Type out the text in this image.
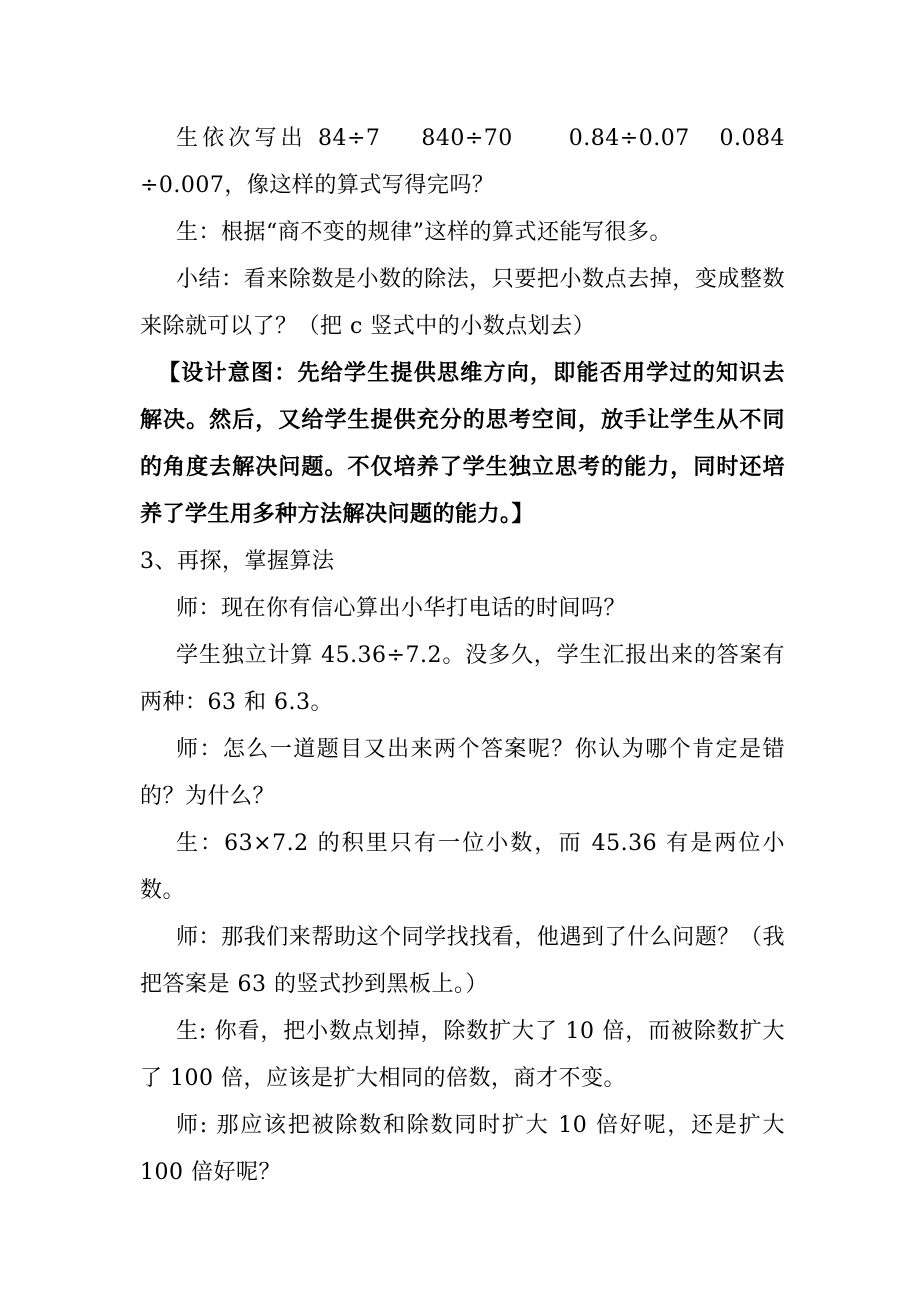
生依次写出 84÷7　 840÷70　　0.84÷0.07　0.084 ÷0.007，像这样的算式写得完吗？

生：根据“商不变的规律”这样的算式还能写很多。

小结：看来除数是小数的除法，只要把小数点去掉，变成整数来除就可以了？（把 c 竖式中的小数点划去）

【设计意图：先给学生提供思维方向，即能否用学过的知识去解决。然后，又给学生提供充分的思考空间，放手让学生从不同的角度去解决问题。不仅培养了学生独立思考的能力，同时还培养了学生用多种方法解决问题的能力。】

3、再探，掌握算法

师：现在你有信心算出小华打电话的时间吗？

学生独立计算 45.36÷7.2。没多久，学生汇报出来的答案有两种：63 和 6.3。

师：怎么一道题目又出来两个答案呢？你认为哪个肯定是错的？为什么？

生：63×7.2 的积里只有一位小数，而 45.36 有是两位小数。

师：那我们来帮助这个同学找找看，他遇到了什么问题？（我把答案是 63 的竖式抄到黑板上。）

生: 你看，把小数点划掉，除数扩大了 10 倍，而被除数扩大了 100 倍，应该是扩大相同的倍数，商才不变。

师: 那应该把被除数和除数同时扩大 10 倍好呢，还是扩大 100 倍好呢？
